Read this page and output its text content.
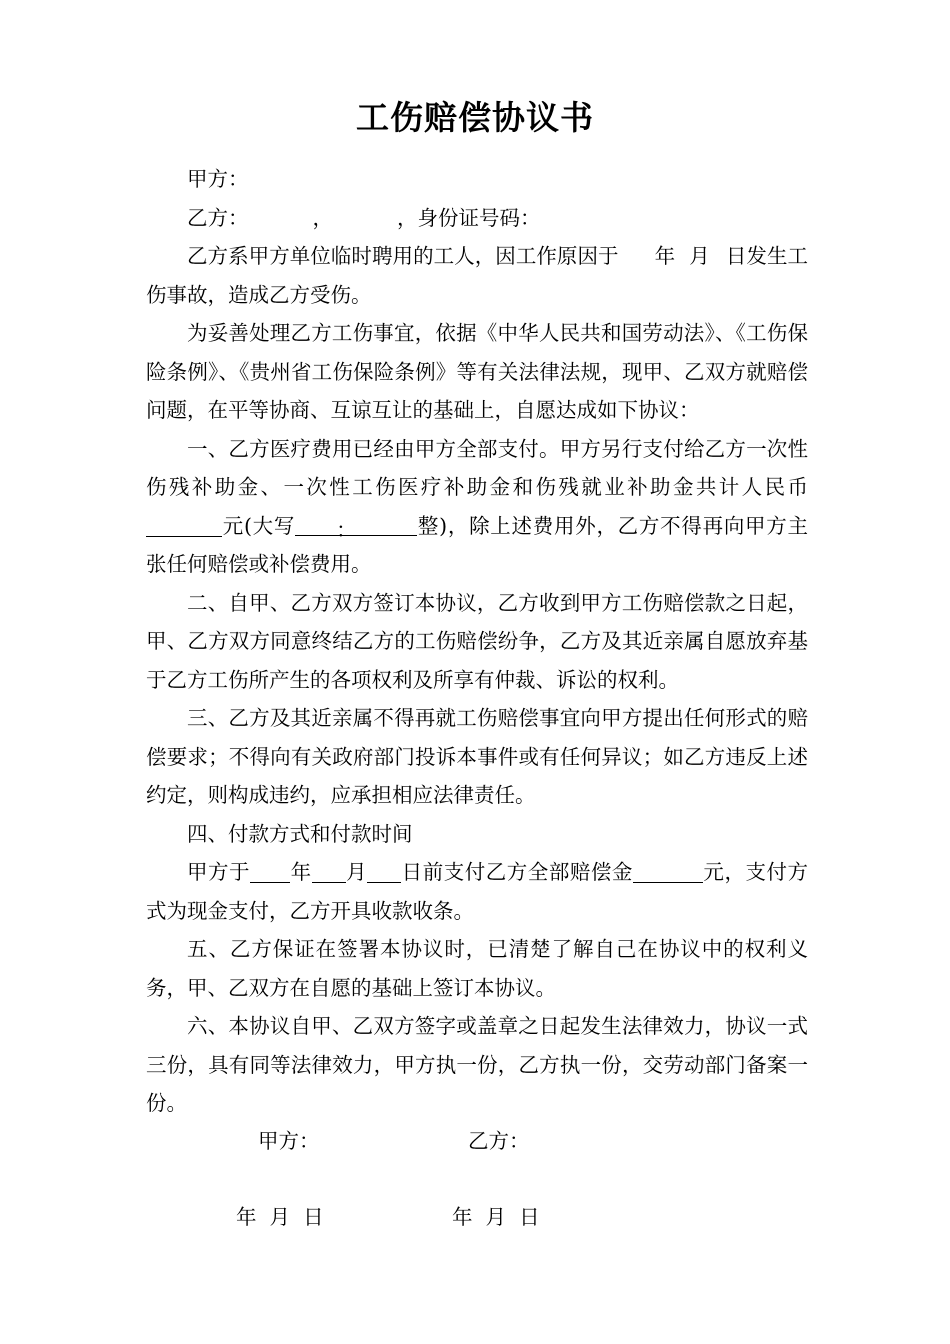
工伤赔偿协议书

甲方：

乙方：	，	，身份证号码：

乙方系甲方单位临时聘用的工人，因工作原因于 年 月 日发生工伤事故，造成乙方受伤。

为妥善处理乙方工伤事宜，依据《中华人民共和国劳动法》、《工伤保险条例》、《贵州省工伤保险条例》等有关法律法规，现甲、乙双方就赔偿问题，在平等协商、互谅互让的基础上，自愿达成如下协议：

一、乙方医疗费用已经由甲方全部支付。甲方另行支付给乙方一次性伤残补助金、一次性工伤医疗补助金和伤残就业补助金共计人民币元(大写 ：	整)，除上述费用外，乙方不得再向甲方主张任何赔偿或补偿费用。

二、自甲、乙方双方签订本协议，乙方收到甲方工伤赔偿款之日起，甲、乙方双方同意终结乙方的工伤赔偿纷争，乙方及其近亲属自愿放弃基于乙方工伤所产生的各项权利及所享有仲裁、诉讼的权利。

三、乙方及其近亲属不得再就工伤赔偿事宜向甲方提出任何形式的赔偿要求；不得向有关政府部门投诉本事件或有任何异议；如乙方违反上述约定，则构成违约，应承担相应法律责任。

四、付款方式和付款时间

甲方于 年 月 日前支付乙方全部赔偿金	元，支付方式为现金支付，乙方开具收款收条。

五、乙方保证在签署本协议时，已清楚了解自己在协议中的权利义务，甲、乙双方在自愿的基础上签订本协议。

六、本协议自甲、乙双方签字或盖章之日起发生法律效力，协议一式三份，具有同等法律效力，甲方执一份，乙方执一份，交劳动部门备案一份。

甲方：	乙方：
年  月  日	年  月  日
